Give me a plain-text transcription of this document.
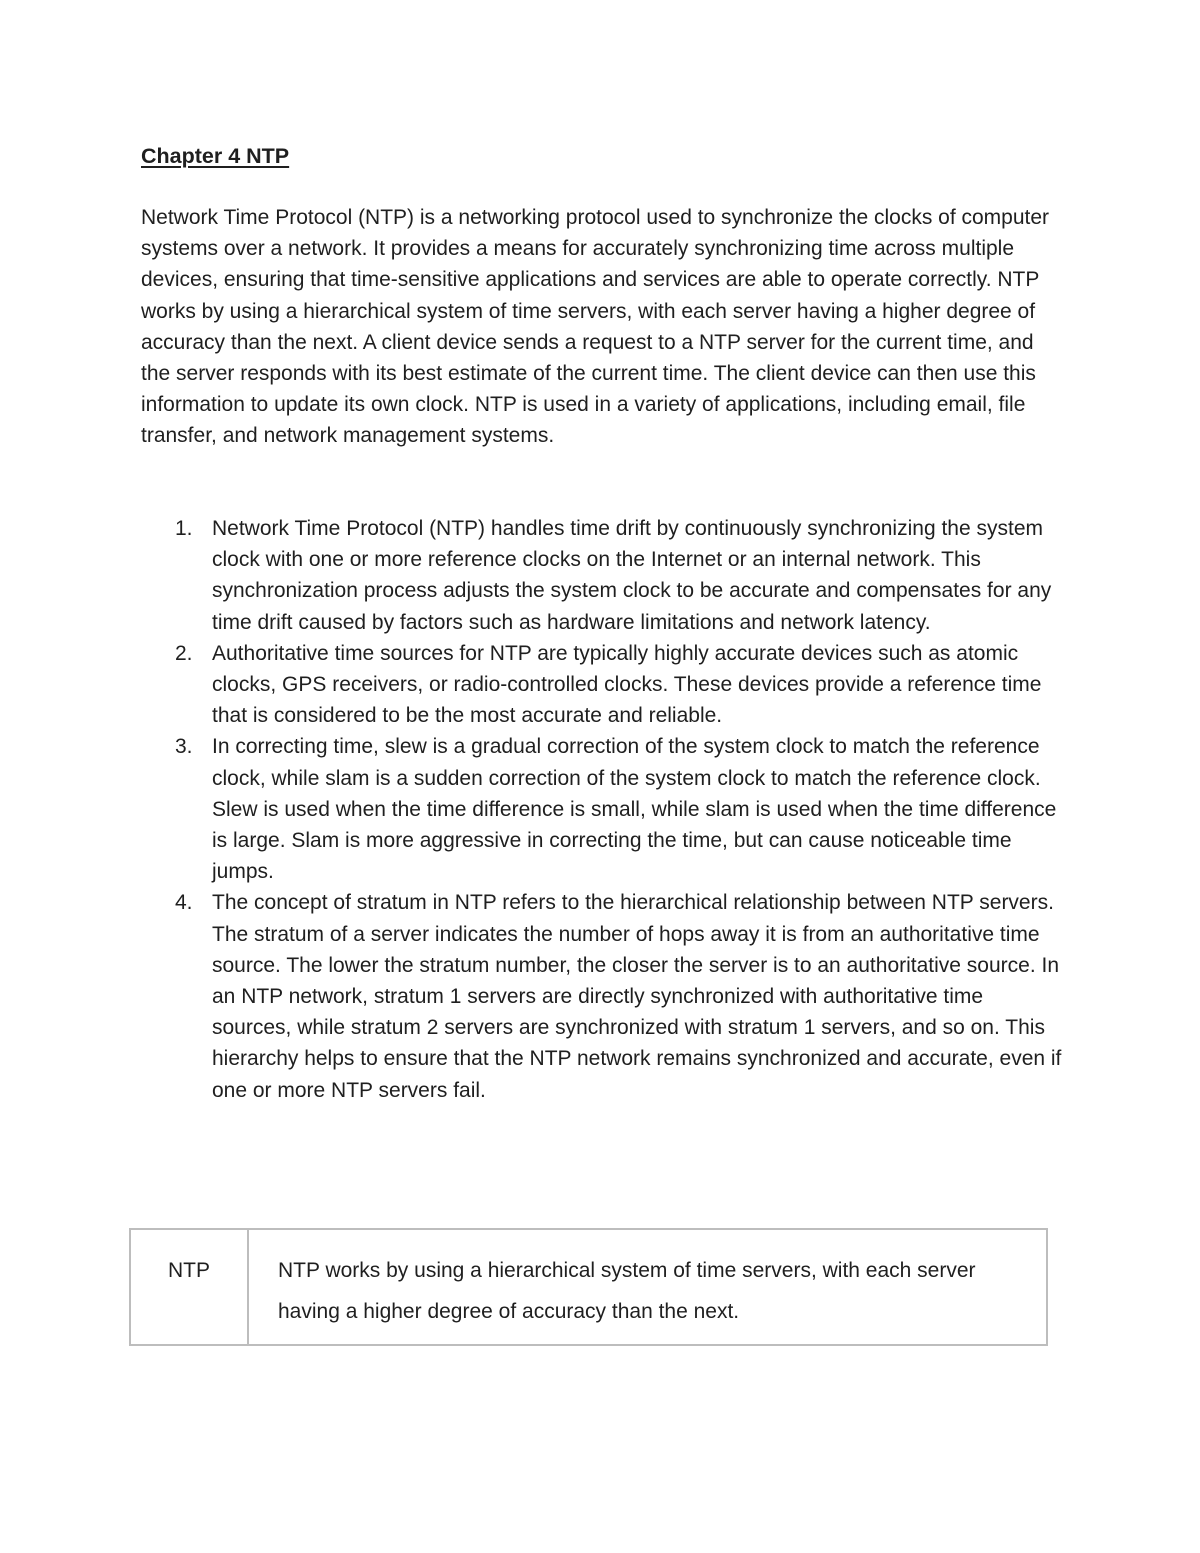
Chapter 4 NTP

Network Time Protocol (NTP) is a networking protocol used to synchronize the clocks of computer systems over a network. It provides a means for accurately synchronizing time across multiple devices, ensuring that time-sensitive applications and services are able to operate correctly. NTP works by using a hierarchical system of time servers, with each server having a higher degree of accuracy than the next. A client device sends a request to a NTP server for the current time, and the server responds with its best estimate of the current time. The client device can then use this information to update its own clock. NTP is used in a variety of applications, including email, file transfer, and network management systems.

1. Network Time Protocol (NTP) handles time drift by continuously synchronizing the system clock with one or more reference clocks on the Internet or an internal network. This synchronization process adjusts the system clock to be accurate and compensates for any time drift caused by factors such as hardware limitations and network latency.
2. Authoritative time sources for NTP are typically highly accurate devices such as atomic clocks, GPS receivers, or radio-controlled clocks. These devices provide a reference time that is considered to be the most accurate and reliable.
3. In correcting time, slew is a gradual correction of the system clock to match the reference clock, while slam is a sudden correction of the system clock to match the reference clock. Slew is used when the time difference is small, while slam is used when the time difference is large. Slam is more aggressive in correcting the time, but can cause noticeable time jumps.
4. The concept of stratum in NTP refers to the hierarchical relationship between NTP servers. The stratum of a server indicates the number of hops away it is from an authoritative time source. The lower the stratum number, the closer the server is to an authoritative source. In an NTP network, stratum 1 servers are directly synchronized with authoritative time sources, while stratum 2 servers are synchronized with stratum 1 servers, and so on. This hierarchy helps to ensure that the NTP network remains synchronized and accurate, even if one or more NTP servers fail.
NTP	NTP works by using a hierarchical system of time servers, with each server having a higher degree of accuracy than the next.
